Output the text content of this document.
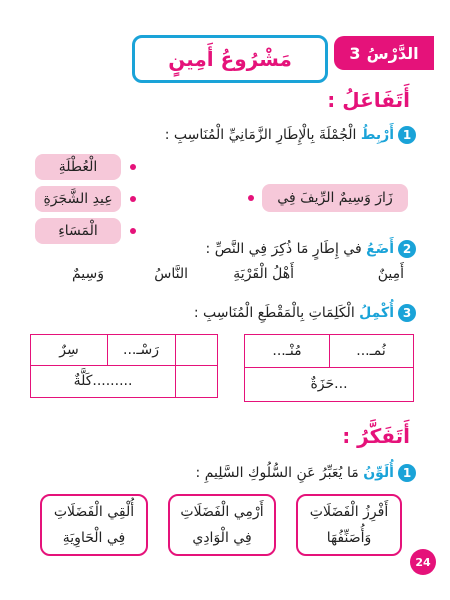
الدَّرْسُ
3
مَشْرُوعُ أَمِينٍ
أَتَفَاعَلُ :
1أَرْبِطُ الْجُمْلَةَ بِالْإِطَارِ الزَّمَانِيِّ الْمُنَاسِبِ :
زَارَ وَسِيمٌ الرِّيفَ فِي
الْعُطْلَةِ
عِيدِ الشَّجَرَةِ
الْمَسَاءِ
2أَضَعُ في إِطَارٍ مَا ذُكِرَ فِي النَّصِّ :
أَمِينٌ
أَهْلُ الْقَرْيَةِ
النَّاسُ
وَسِيمٌ
3أُكْمِلُ الْكَلِمَاتِ بِالْمَقْطَعِ الْمُنَاسِبِ :
نُمـ...
مُنْـ...
...حَزَةٌ
رَسْـ...
سِرٌ
.........كَلَّةٌ
أَتَفَكَّرُ :
1أُلَوِّنُ مَا يُعَبِّرُ عَنِ السُّلُوكِ السَّلِيمِ :
أَفْرِزُ الْفَضَلَاتِ وَأُصَنِّفُهَا
أَرْمِي الْفَضَلَاتِ فِي الْوَادِي
أُلْقِي الْفَضَلَاتِ فِي الْحَاوِيَةِ
24
